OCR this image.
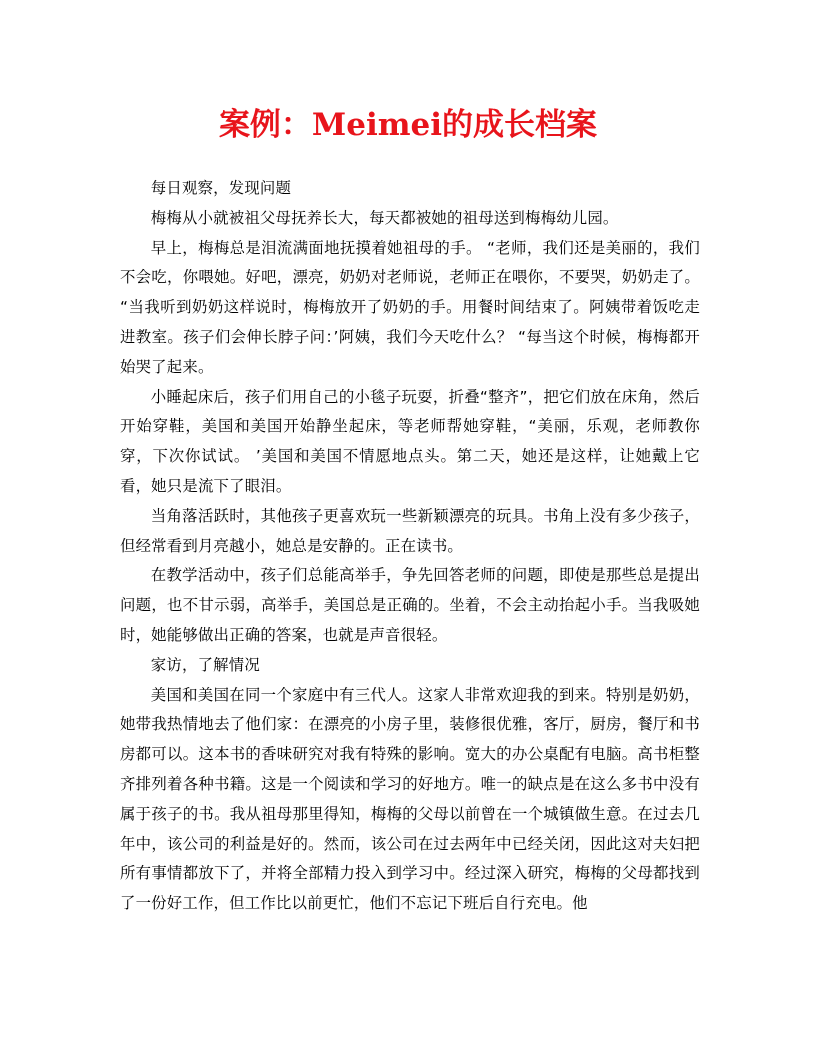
案例：Meimei的成长档案

每日观察，发现问题

梅梅从小就被祖父母抚养长大，每天都被她的祖母送到梅梅幼儿园。

早上，梅梅总是泪流满面地抚摸着她祖母的手。 “老师，我们还是美丽的，我们不会吃，你喂她。好吧，漂亮，奶奶对老师说，老师正在喂你，不要哭，奶奶走了。 “当我听到奶奶这样说时，梅梅放开了奶奶的手。用餐时间结束了。阿姨带着饭吃走进教室。孩子们会伸长脖子问：’阿姨，我们今天吃什么？ “每当这个时候，梅梅都开始哭了起来。

小睡起床后，孩子们用自己的小毯子玩耍，折叠“整齐”，把它们放在床角，然后开始穿鞋，美国和美国开始静坐起床，等老师帮她穿鞋，“美丽，乐观，老师教你穿，下次你试试。 ’美国和美国不情愿地点头。第二天，她还是这样，让她戴上它看，她只是流下了眼泪。

当角落活跃时，其他孩子更喜欢玩一些新颖漂亮的玩具。书角上没有多少孩子，但经常看到月亮越小，她总是安静的。正在读书。

在教学活动中，孩子们总能高举手，争先回答老师的问题，即使是那些总是提出问题，也不甘示弱，高举手，美国总是正确的。坐着，不会主动抬起小手。当我吸她时，她能够做出正确的答案，也就是声音很轻。

家访，了解情况

美国和美国在同一个家庭中有三代人。这家人非常欢迎我的到来。特别是奶奶，她带我热情地去了他们家：在漂亮的小房子里，装修很优雅，客厅，厨房，餐厅和书房都可以。这本书的香味研究对我有特殊的影响。宽大的办公桌配有电脑。高书柜整齐排列着各种书籍。这是一个阅读和学习的好地方。唯一的缺点是在这么多书中没有属于孩子的书。我从祖母那里得知，梅梅的父母以前曾在一个城镇做生意。在过去几年中，该公司的利益是好的。然而，该公司在过去两年中已经关闭，因此这对夫妇把所有事情都放下了，并将全部精力投入到学习中。经过深入研究，梅梅的父母都找到了一份好工作，但工作比以前更忙，他们不忘记下班后自行充电。他
